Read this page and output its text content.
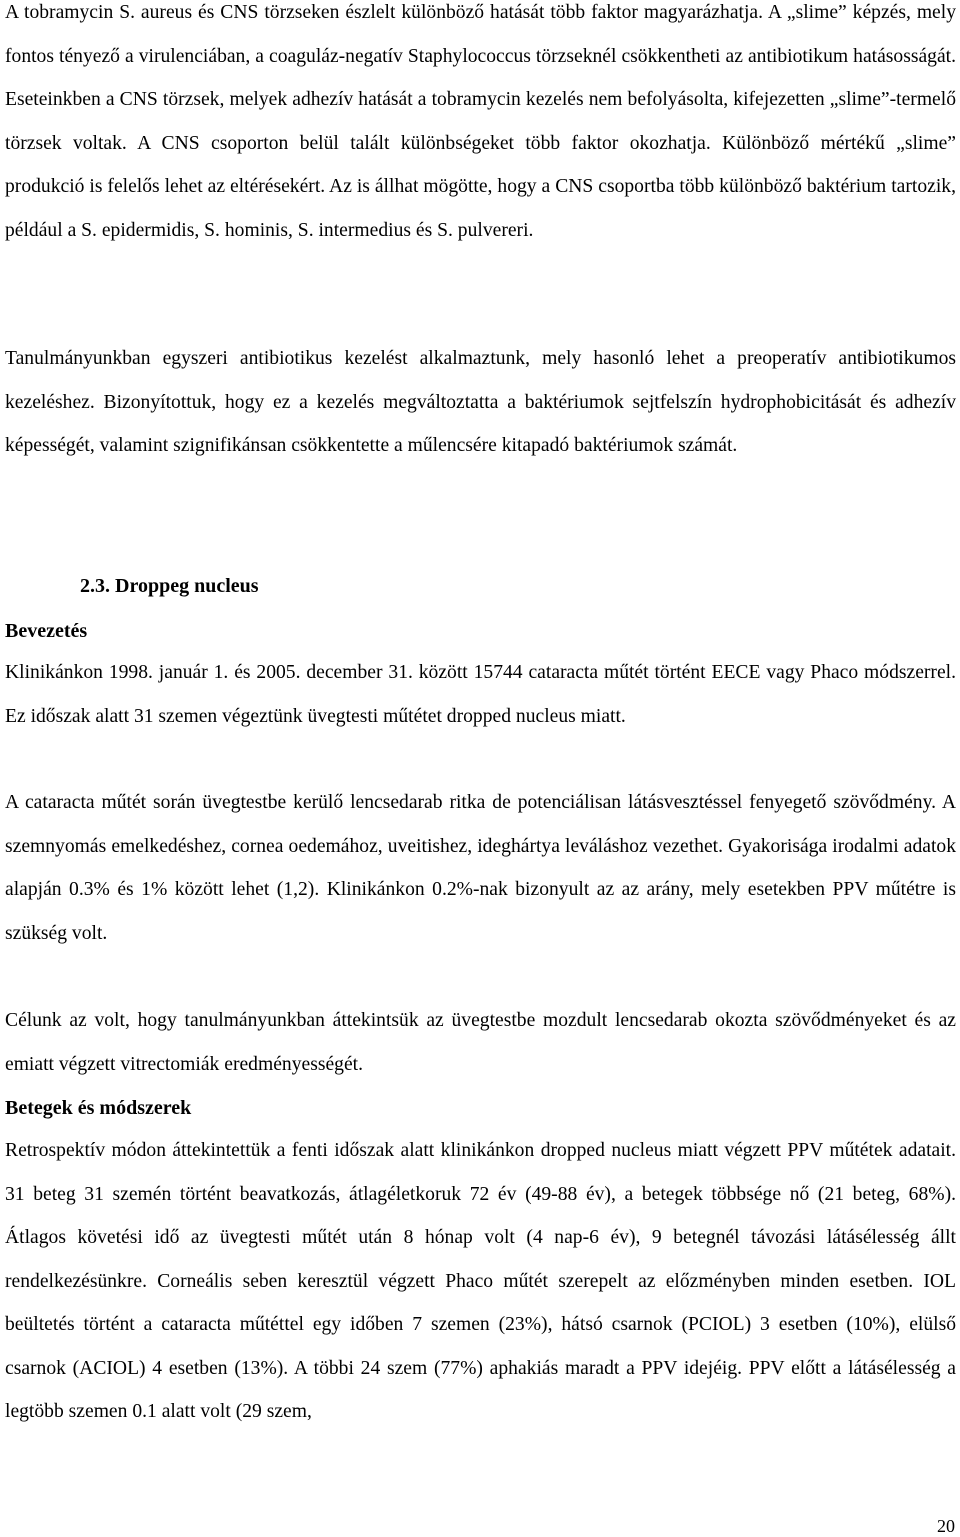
A tobramycin S. aureus és CNS törzseken észlelt különböző hatását több faktor magyarázhatja. A „slime” képzés, mely fontos tényező a virulenciában, a coaguláz-negatív Staphylococcus törzseknél csökkentheti az antibiotikum hatásosságát. Eseteinkben a CNS törzsek, melyek adhezív hatását a tobramycin kezelés nem befolyásolta, kifejezetten „slime”-termelő törzsek voltak. A CNS csoporton belül talált különbségeket több faktor okozhatja. Különböző mértékű „slime” produkció is felelős lehet az eltérésekért. Az is állhat mögötte, hogy a CNS csoportba több különböző baktérium tartozik, például a S. epidermidis, S. hominis, S. intermedius és S. pulvereri.

Tanulmányunkban egyszeri antibiotikus kezelést alkalmaztunk, mely hasonló lehet a preoperatív antibiotikumos kezeléshez. Bizonyítottuk, hogy ez a kezelés megváltoztatta a baktériumok sejtfelszín hydrophobicitását és adhezív képességét, valamint szignifikánsan csökkentette a műlencsére kitapadó baktériumok számát.

2.3. Droppeg nucleus
Bevezetés

Klinikánkon 1998. január 1. és 2005. december 31. között 15744 cataracta műtét történt EECE vagy Phaco módszerrel. Ez időszak alatt 31 szemen végeztünk üvegtesti műtétet dropped nucleus miatt.

A cataracta műtét során üvegtestbe kerülő lencsedarab ritka de potenciálisan látásvesztéssel fenyegető szövődmény. A szemnyomás emelkedéshez, cornea oedemához, uveitishez, ideghártya leváláshoz vezethet. Gyakorisága irodalmi adatok alapján 0.3% és 1% között lehet (1,2). Klinikánkon 0.2%-nak bizonyult az az arány, mely esetekben PPV műtétre is szükség volt.

Célunk az volt, hogy tanulmányunkban áttekintsük az üvegtestbe mozdult lencsedarab okozta szövődményeket és az emiatt végzett vitrectomiák eredményességét.

Betegek és módszerek

Retrospektív módon áttekintettük a fenti időszak alatt klinikánkon dropped nucleus miatt végzett PPV műtétek adatait. 31 beteg 31 szemén történt beavatkozás, átlagéletkoruk 72 év (49-88 év), a betegek többsége nő (21 beteg, 68%). Átlagos követési idő az üvegtesti műtét után 8 hónap volt (4 nap-6 év), 9 betegnél távozási látásélesség állt rendelkezésünkre. Corneális seben keresztül végzett Phaco műtét szerepelt az előzményben minden esetben. IOL beültetés történt a cataracta műtéttel egy időben 7 szemen (23%), hátsó csarnok (PCIOL) 3 esetben (10%), elülső csarnok (ACIOL) 4 esetben (13%). A többi 24 szem (77%) aphakiás maradt a PPV idejéig. PPV előtt a látásélesség a legtöbb szemen 0.1 alatt volt (29 szem,

20
